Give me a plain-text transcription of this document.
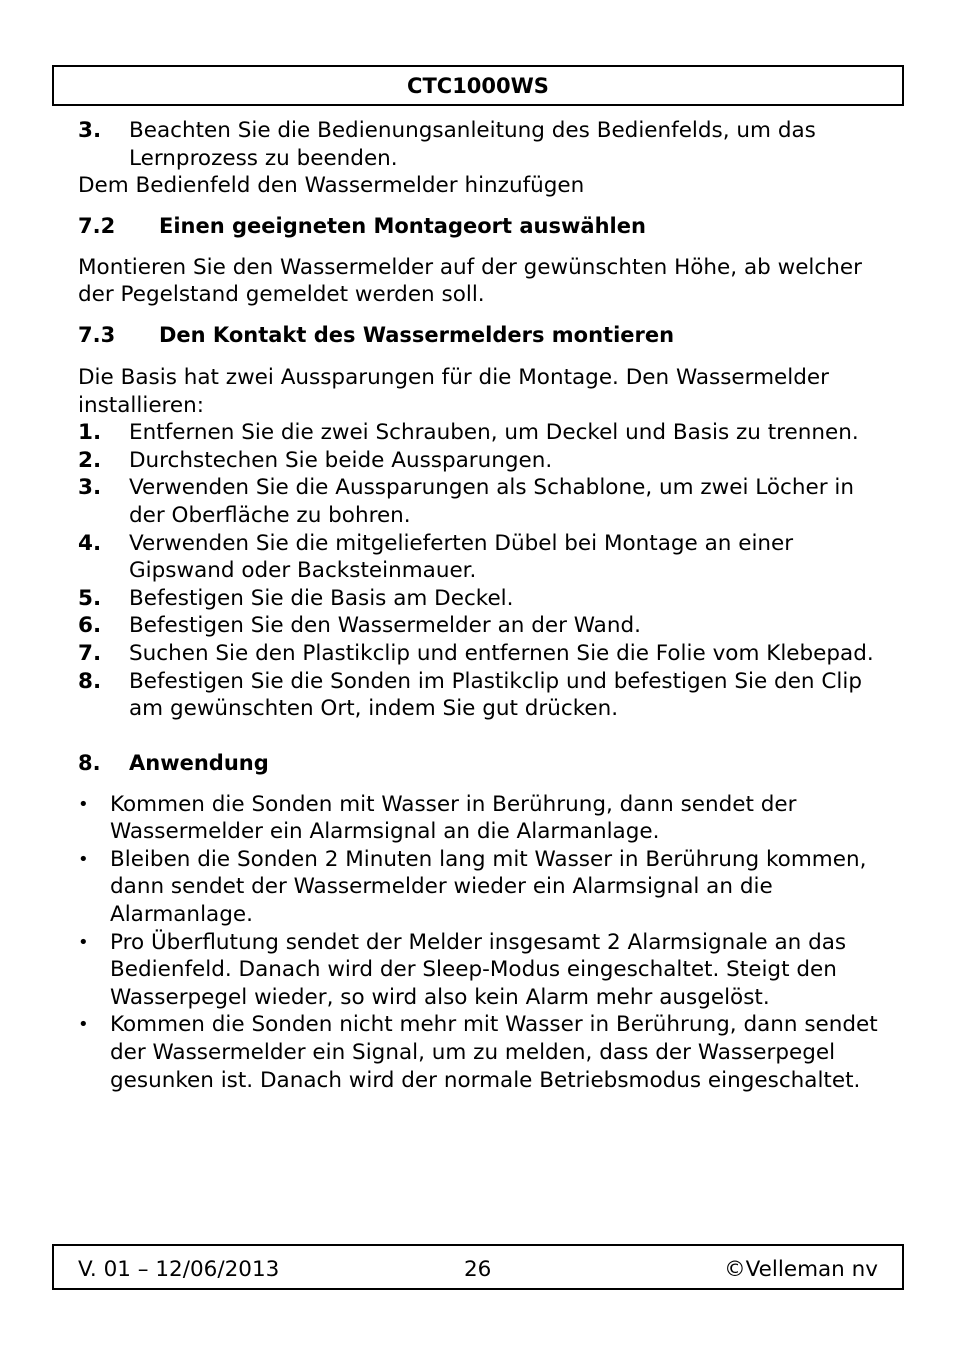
CTC1000WS
3.	Beachten Sie die Bedienungsanleitung des Bedienfelds, um das Lernprozess zu beenden.

Dem Bedienfeld den Wassermelder hinzufügen

7.2	Einen geeigneten Montageort auswählen

Montieren Sie den Wassermelder auf der gewünschten Höhe, ab welcher der Pegelstand gemeldet werden soll.

7.3	Den Kontakt des Wassermelders montieren

Die Basis hat zwei Aussparungen für die Montage. Den Wassermelder installieren:

1.	Entfernen Sie die zwei Schrauben, um Deckel und Basis zu trennen.
2.	Durchstechen Sie beide Aussparungen.
3.	Verwenden Sie die Aussparungen als Schablone, um zwei Löcher in der Oberfläche zu bohren.
4.	Verwenden Sie die mitgelieferten Dübel bei Montage an einer Gipswand oder Backsteinmauer.
5.	Befestigen Sie die Basis am Deckel.
6.	Befestigen Sie den Wassermelder an der Wand.
7.	Suchen Sie den Plastikclip und entfernen Sie die Folie vom Klebepad.
8.	Befestigen Sie die Sonden im Plastikclip und befestigen Sie den Clip am gewünschten Ort, indem Sie gut drücken.
8.	Anwendung
• Kommen die Sonden mit Wasser in Berührung, dann sendet der Wassermelder ein Alarmsignal an die Alarmanlage.
• Bleiben die Sonden 2 Minuten lang mit Wasser in Berührung kommen, dann sendet der Wassermelder wieder ein Alarmsignal an die Alarmanlage.
• Pro Überflutung sendet der Melder insgesamt 2 Alarmsignale an das Bedienfeld. Danach wird der Sleep-Modus eingeschaltet. Steigt den Wasserpegel wieder, so wird also kein Alarm mehr ausgelöst.
• Kommen die Sonden nicht mehr mit Wasser in Berührung, dann sendet der Wassermelder ein Signal, um zu melden, dass der Wasserpegel gesunken ist. Danach wird der normale Betriebsmodus eingeschaltet.
V. 01 – 12/06/2013	26	©Velleman nv
